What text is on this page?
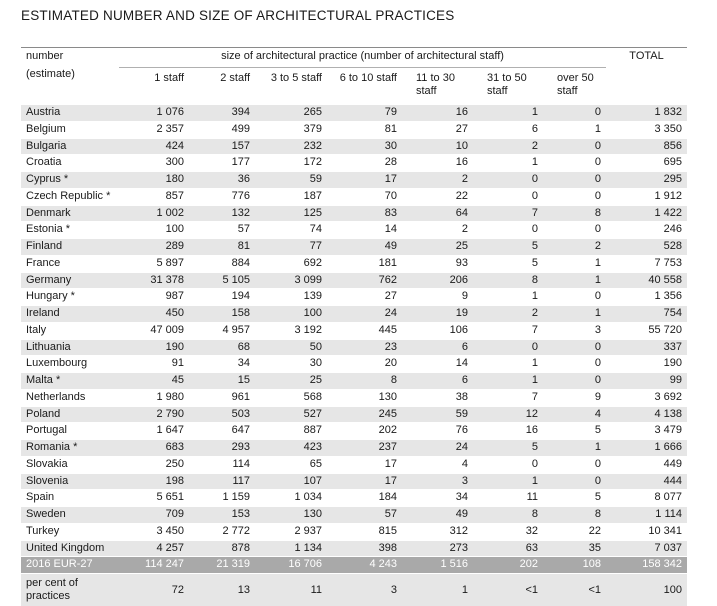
ESTIMATED NUMBER AND SIZE OF ARCHITECTURAL PRACTICES
number	size of architectural practice (number of architectural staff)							TOTAL
(estimate)	1 staff	2 staff	3 to 5 staff	6 to 10 staff	11 to 30 staff	31 to 50 staff	over 50 staff	
Austria	1 076	394	265	79	16	1	0	1 832
Belgium	2 357	499	379	81	27	6	1	3 350
Bulgaria	424	157	232	30	10	2	0	856
Croatia	300	177	172	28	16	1	0	695
Cyprus *	180	36	59	17	2	0	0	295
Czech Republic *	857	776	187	70	22	0	0	1 912
Denmark	1 002	132	125	83	64	7	8	1 422
Estonia *	100	57	74	14	2	0	0	246
Finland	289	81	77	49	25	5	2	528
France	5 897	884	692	181	93	5	1	7 753
Germany	31 378	5 105	3 099	762	206	8	1	40 558
Hungary *	987	194	139	27	9	1	0	1 356
Ireland	450	158	100	24	19	2	1	754
Italy	47 009	4 957	3 192	445	106	7	3	55 720
Lithuania	190	68	50	23	6	0	0	337
Luxembourg	91	34	30	20	14	1	0	190
Malta *	45	15	25	8	6	1	0	99
Netherlands	1 980	961	568	130	38	7	9	3 692
Poland	2 790	503	527	245	59	12	4	4 138
Portugal	1 647	647	887	202	76	16	5	3 479
Romania *	683	293	423	237	24	5	1	1 666
Slovakia	250	114	65	17	4	0	0	449
Slovenia	198	117	107	17	3	1	0	444
Spain	5 651	1 159	1 034	184	34	11	5	8 077
Sweden	709	153	130	57	49	8	8	1 114
Turkey	3 450	2 772	2 937	815	312	32	22	10 341
United Kingdom	4 257	878	1 134	398	273	63	35	7 037
2016 EUR-27	114 247	21 319	16 706	4 243	1 516	202	108	158 342
per cent of practices	72	13	11	3	1	<1	<1	100
